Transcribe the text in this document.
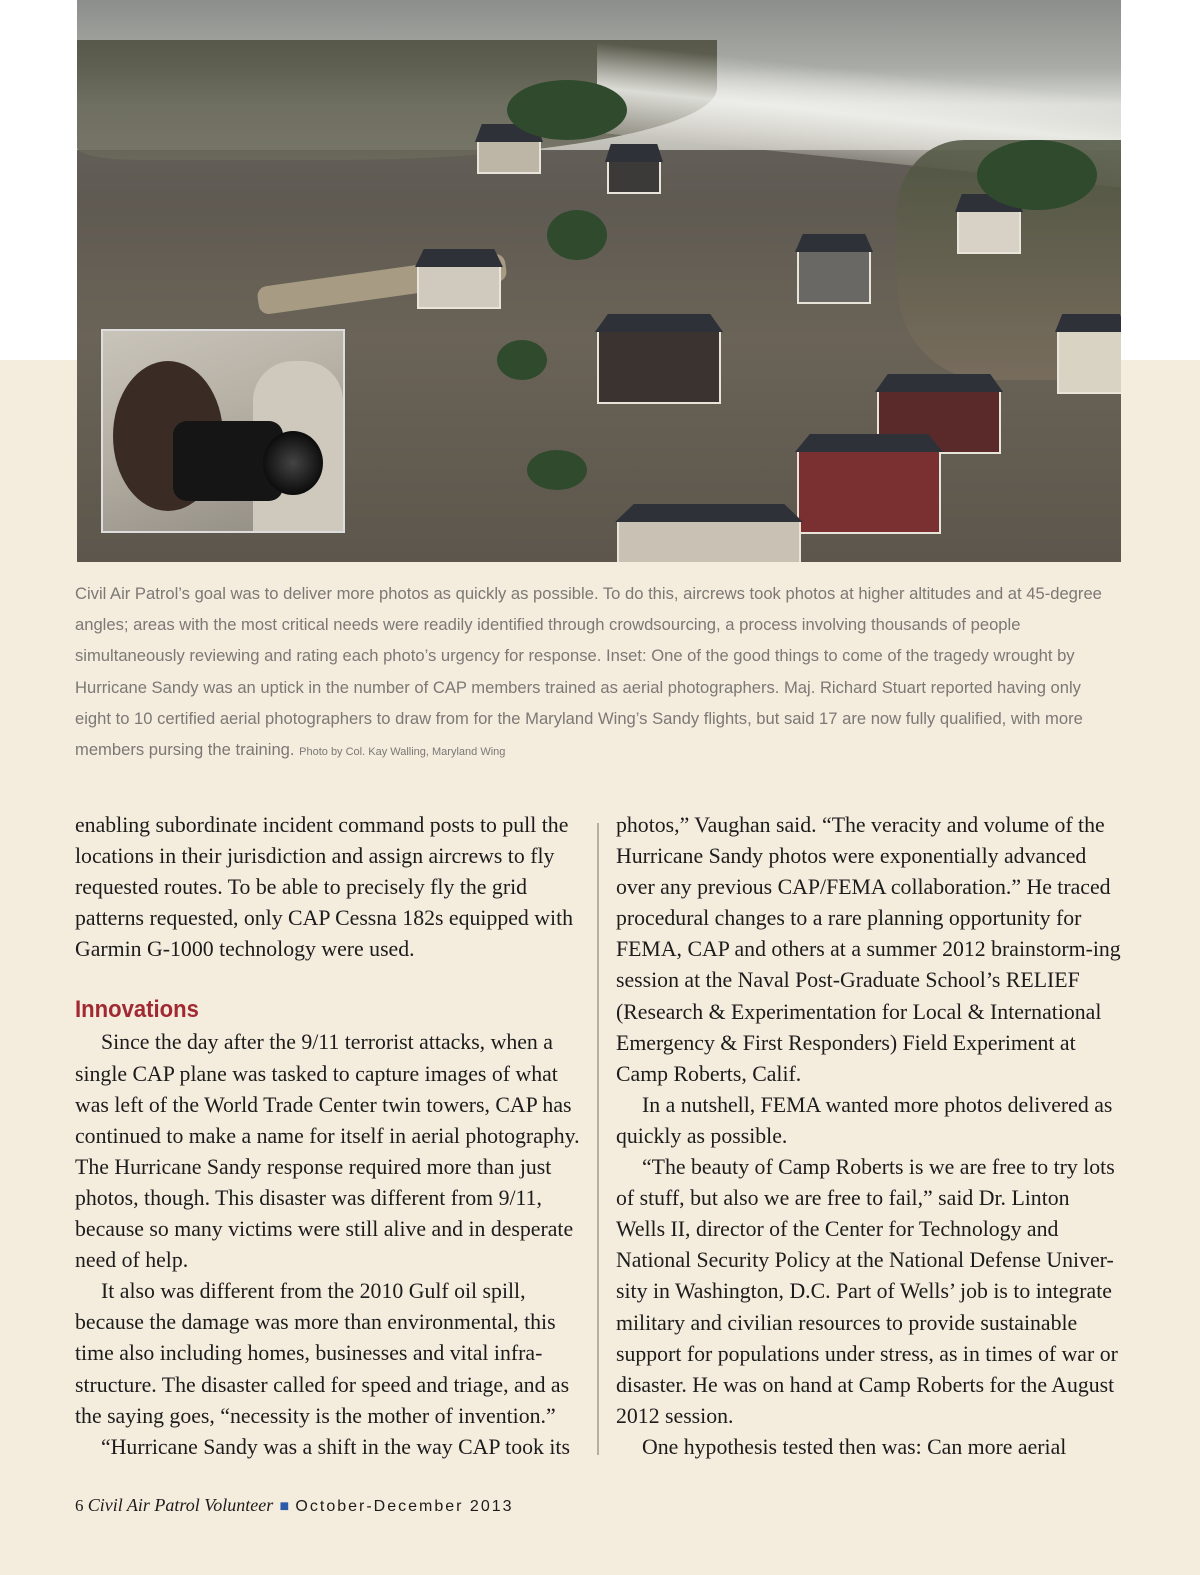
Civil Air Patrol’s goal was to deliver more photos as quickly as possible. To do this, aircrews took photos at higher altitudes and at 45-degree angles; areas with the most critical needs were readily identified through crowdsourcing, a process involving thousands of people simultaneously reviewing and rating each photo’s urgency for response. Inset: One of the good things to come of the tragedy wrought by Hurricane Sandy was an uptick in the number of CAP members trained as aerial photographers. Maj. Richard Stuart reported having only eight to 10 certified aerial photographers to draw from for the Maryland Wing’s Sandy flights, but said 17 are now fully qualified, with more members pursing the training. Photo by Col. Kay Walling, Maryland Wing

enabling subordinate incident command posts to pull the locations in their jurisdiction and assign aircrews to fly requested routes. To be able to precisely fly the grid patterns requested, only CAP Cessna 182s equipped with Garmin G-1000 technology were used.

Innovations

Since the day after the 9/11 terrorist attacks, when a single CAP plane was tasked to capture images of what was left of the World Trade Center twin towers, CAP has continued to make a name for itself in aerial photography. The Hurricane Sandy response required more than just photos, though. This disaster was different from 9/11, because so many victims were still alive and in desperate need of help.

It also was different from the 2010 Gulf oil spill, because the damage was more than environmental, this time also including homes, businesses and vital infra-structure. The disaster called for speed and triage, and as the saying goes, “necessity is the mother of invention.”

“Hurricane Sandy was a shift in the way CAP took its

photos,” Vaughan said. “The veracity and volume of the Hurricane Sandy photos were exponentially advanced over any previous CAP/FEMA collaboration.” He traced procedural changes to a rare planning opportunity for FEMA, CAP and others at a summer 2012 brainstorm-ing session at the Naval Post-Graduate School’s RELIEF (Research & Experimentation for Local & International Emergency & First Responders) Field Experiment at Camp Roberts, Calif.

In a nutshell, FEMA wanted more photos delivered as quickly as possible.

“The beauty of Camp Roberts is we are free to try lots of stuff, but also we are free to fail,” said Dr. Linton Wells II, director of the Center for Technology and National Security Policy at the National Defense Univer-sity in Washington, D.C. Part of Wells’ job is to integrate military and civilian resources to provide sustainable support for populations under stress, as in times of war or disaster. He was on hand at Camp Roberts for the August 2012 session.

One hypothesis tested then was: Can more aerial

6 Civil Air Patrol Volunteer ■ October-December 2013
